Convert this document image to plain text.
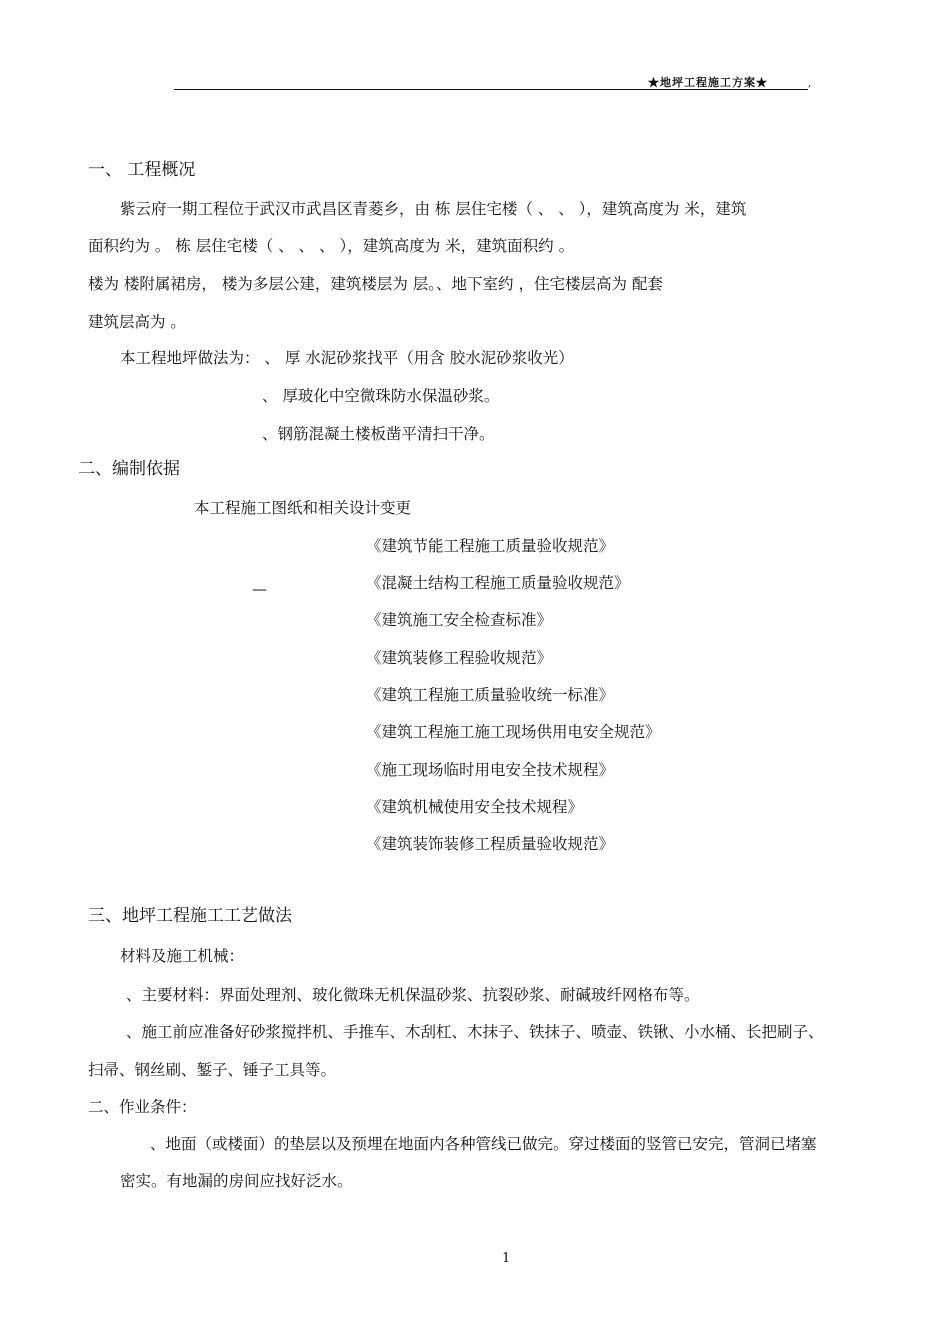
★地坪工程施工方案★	,
一、 工程概况
紫云府一期工程位于武汉市武昌区青菱乡，由 栋 层住宅楼（ 、 、 ），建筑高度为 米，建筑
面积约为 。 栋 层住宅楼（ 、 、 、 ），建筑高度为 米，建筑面积约 。
楼为 楼附属裙房， 楼为多层公建，建筑楼层为 层。、地下室约 ，住宅楼层高为 配套
建筑层高为 。
本工程地坪做法为： 、 厚 水泥砂浆找平（用含 胶水泥砂浆收光）
、 厚玻化中空微珠防水保温砂浆。
、钢筋混凝土楼板凿平清扫干净。
二、编制依据
本工程施工图纸和相关设计变更
—
《建筑节能工程施工质量验收规范》
《混凝土结构工程施工质量验收规范》
《建筑施工安全检查标准》
《建筑装修工程验收规范》
《建筑工程施工质量验收统一标准》
《建筑工程施工施工现场供用电安全规范》
《施工现场临时用电安全技术规程》
《建筑机械使用安全技术规程》
《建筑装饰装修工程质量验收规范》
三、地坪工程施工工艺做法
材料及施工机械：
、主要材料：界面处理剂、玻化微珠无机保温砂浆、抗裂砂浆、耐碱玻纤网格布等。
、施工前应准备好砂浆搅拌机、手推车、木刮杠、木抹子、铁抹子、喷壶、铁锹、小水桶、长把刷子、
扫帚、钢丝刷、錾子、锤子工具等。
二、作业条件：
、地面（或楼面）的垫层以及预埋在地面内各种管线已做完。穿过楼面的竖管已安完，管洞已堵塞
密实。有地漏的房间应找好泛水。
1
